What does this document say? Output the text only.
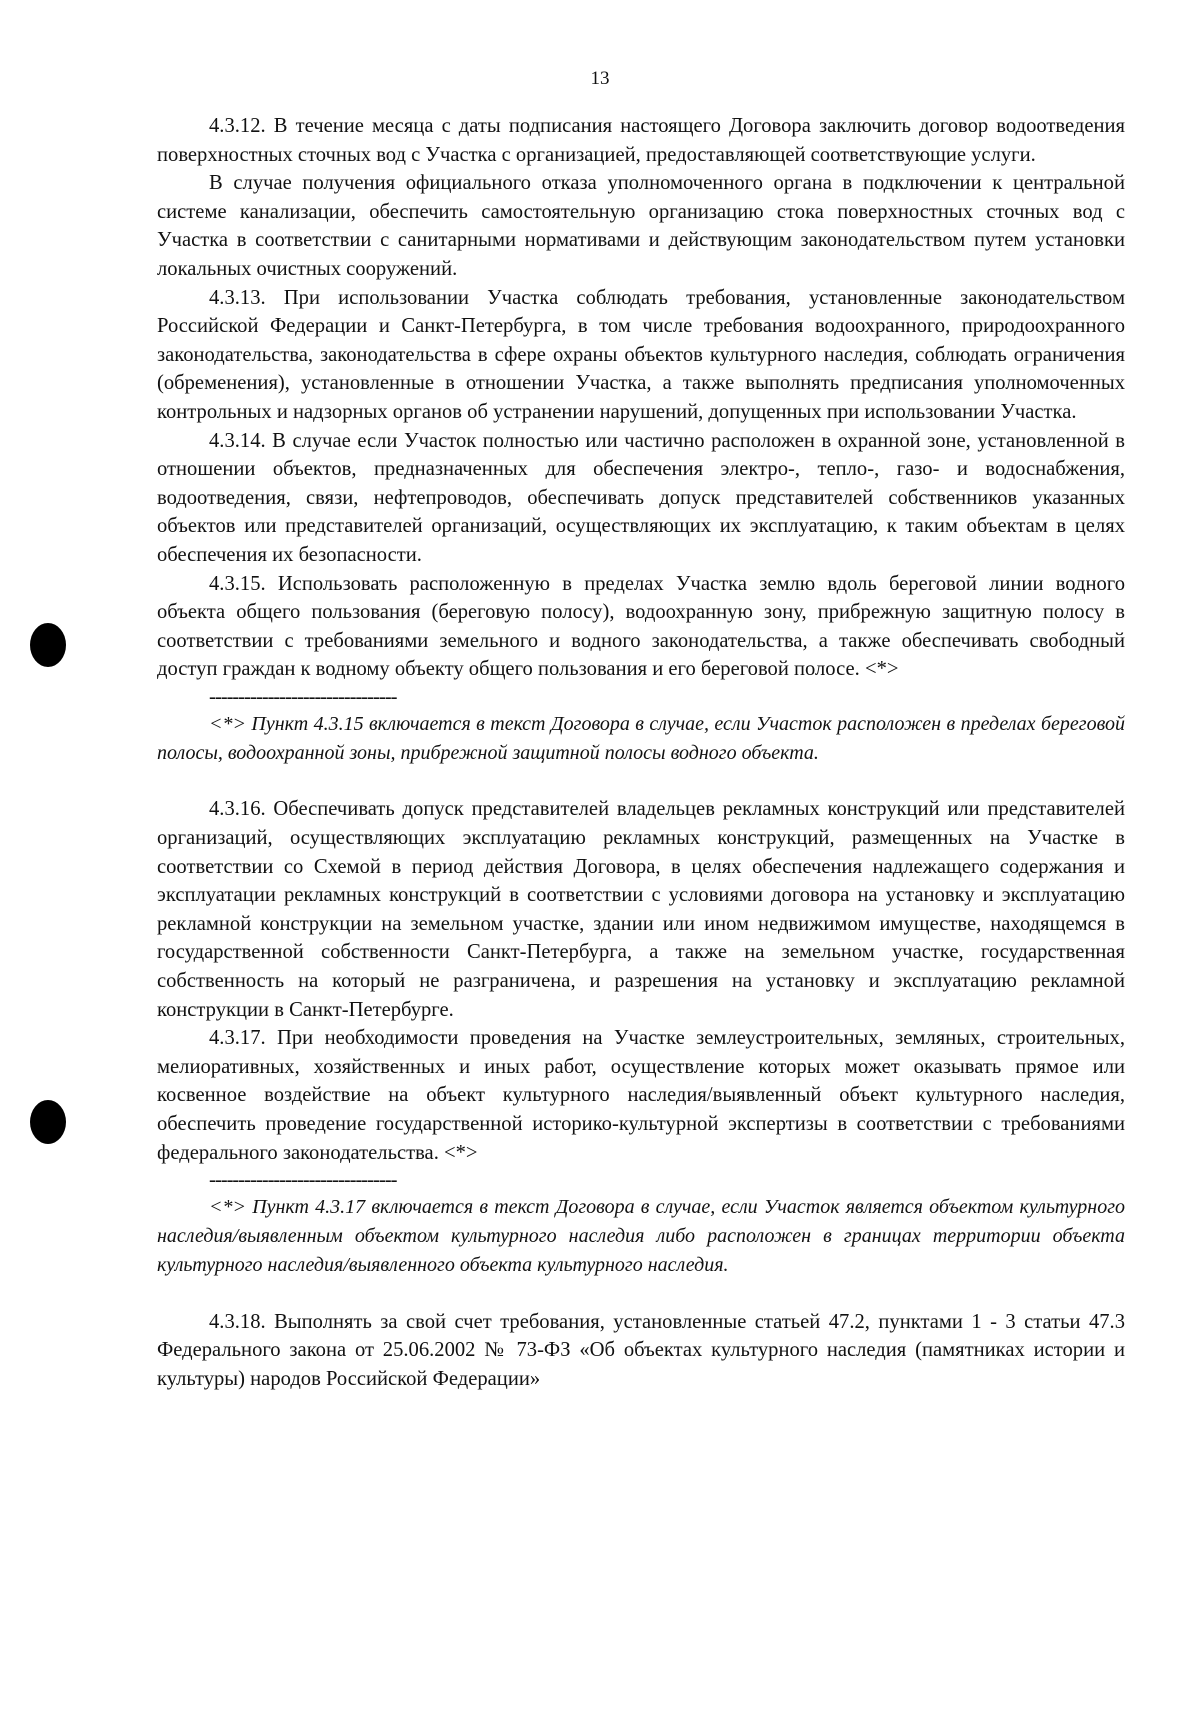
13

4.3.12. В течение месяца с даты подписания настоящего Договора заключить договор водоотведения поверхностных сточных вод с Участка с организацией, предоставляющей соответствующие услуги.

В случае получения официального отказа уполномоченного органа в подключении к центральной системе канализации, обеспечить самостоятельную организацию стока поверхностных сточных вод с Участка в соответствии с санитарными нормативами и действующим законодательством путем установки локальных очистных сооружений.

4.3.13. При использовании Участка соблюдать требования, установленные законодательством Российской Федерации и Санкт-Петербурга, в том числе требования водоохранного, природоохранного законодательства, законодательства в сфере охраны объектов культурного наследия, соблюдать ограничения (обременения), установленные в отношении Участка, а также выполнять предписания уполномоченных контрольных и надзорных органов об устранении нарушений, допущенных при использовании Участка.

4.3.14. В случае если Участок полностью или частично расположен в охранной зоне, установленной в отношении объектов, предназначенных для обеспечения электро-, тепло-, газо- и водоснабжения, водоотведения, связи, нефтепроводов, обеспечивать допуск представителей собственников указанных объектов или представителей организаций, осуществляющих их эксплуатацию, к таким объектам в целях обеспечения их безопасности.

4.3.15. Использовать расположенную в пределах Участка землю вдоль береговой линии водного объекта общего пользования (береговую полосу), водоохранную зону, прибрежную защитную полосу в соответствии с требованиями земельного и водного законодательства, а также обеспечивать свободный доступ граждан к водному объекту общего пользования и его береговой полосе. <*>

--------------------------------

<*> Пункт 4.3.15 включается в текст Договора в случае, если Участок расположен в пределах береговой полосы, водоохранной зоны, прибрежной защитной полосы водного объекта.

4.3.16. Обеспечивать допуск представителей владельцев рекламных конструкций или представителей организаций, осуществляющих эксплуатацию рекламных конструкций, размещенных на Участке в соответствии со Схемой в период действия Договора, в целях обеспечения надлежащего содержания и эксплуатации рекламных конструкций в соответствии с условиями договора на установку и эксплуатацию рекламной конструкции на земельном участке, здании или ином недвижимом имуществе, находящемся в государственной собственности Санкт-Петербурга, а также на земельном участке, государственная собственность на который не разграничена, и разрешения на установку и эксплуатацию рекламной конструкции в Санкт-Петербурге.

4.3.17. При необходимости проведения на Участке землеустроительных, земляных, строительных, мелиоративных, хозяйственных и иных работ, осуществление которых может оказывать прямое или косвенное воздействие на объект культурного наследия/выявленный объект культурного наследия, обеспечить проведение государственной историко-культурной экспертизы в соответствии с требованиями федерального законодательства. <*>

--------------------------------

<*> Пункт 4.3.17 включается в текст Договора в случае, если Участок является объектом культурного наследия/выявленным объектом культурного наследия либо расположен в границах территории объекта культурного наследия/выявленного объекта культурного наследия.

4.3.18. Выполнять за свой счет требования, установленные статьей 47.2, пунктами 1 - 3 статьи 47.3 Федерального закона от 25.06.2002 № 73-ФЗ «Об объектах культурного наследия (памятниках истории и культуры) народов Российской Федерации»
